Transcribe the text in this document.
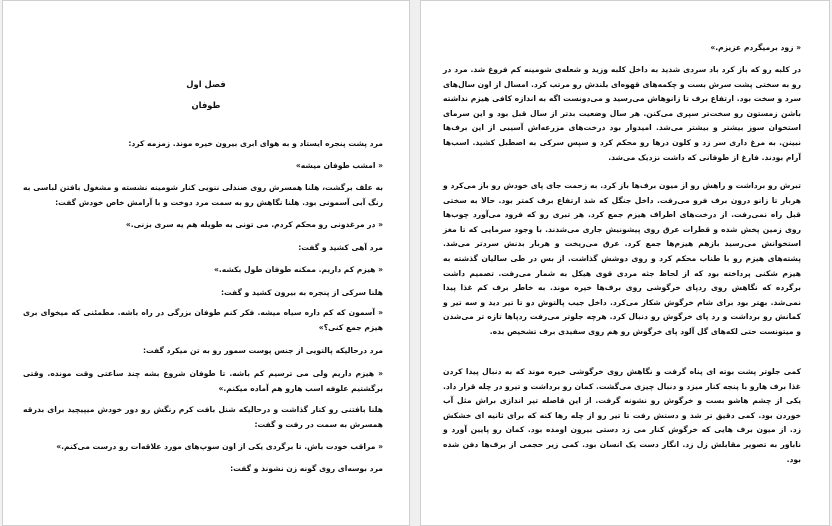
فصل اول
طوفان

مرد پشت پنجره ایستاد و به هوای ابری بیرون خیره موند. زمزمه کرد:

« امشب طوفان میشه»

به علف برگشت، هلنا همسرش روی صندلی ننویی کنار شومینه نشسته و مشغول بافتن لباسی به رنگ آبی آسمونی بود. هلنا نگاهش رو به سمت مرد دوخت و با آرامش خاص خودش گفت:

« در مرغدونی رو محکم کردم. می تونی به طویله هم یه سری بزنی.»

مرد آهی کشید و گفت:

« هیزم کم داریم. ممکنه طوفان طول بکشه.»

هلنا سرکی از پنجره به بیرون کشید و گفت:

« آسمون که کم داره سیاه میشه. فکر کنم طوفان بزرگی در راه باشه. مطمئنی که میخوای بری هیزم جمع کنی؟»

مرد درحالیکه پالتویی از جنس پوست سمور رو به تن میکرد گفت:

« هیزم داریم ولی می ترسیم کم باشه. تا طوفان شروع بشه چند ساعتی وقت مونده. وقتی برگشتیم علوفه اسب هارو هم آماده میکنم.»

هلنا بافتنی رو کنار گذاشت و درحالیکه شنل بافت کرم رنگش رو دور خودش میپیچید برای بدرقه همسرش به سمت در رفت و گفت:

« مراقب خودت باش. تا برگردی یکی از اون سوپ‌های مورد علاقه‌ات رو درست می‌کنم.»

مرد بوسه‌ای روی گونه زن نشوند و گفت:

« زود برمیگردم عزیزم.»

در کلبه رو که باز کرد باد سردی شدید به داخل کلبه وزید و شعله‌ی شومینه کم فروغ شد. مرد در رو به سختی پشت سرش بست و چکمه‌های قهوه‌ای بلندش رو مرتب کرد. امسال از اون سال‌های سرد و سخت بود. ارتفاع برف تا زانوهاش می‌رسید و می‌دونست اگه به اندازه کافی هیزم نداشته باشن زمستون رو سخت‌تر سپری می‌کنن. هر سال وضعیت بدتر از سال قبل بود و این سرمای استخوان سوز بیشتر و بیشتر می‌شد. امیدوار بود درخت‌های مزرعه‌اش آسیبی از این برف‌ها نبینن. به مرغ داری سر زد و کلون درها رو محکم کرد و سپس سرکی به اصطبل کشید. اسب‌ها آرام بودند. فارغ از طوفانی که داشت نزدیک می‌شد.

تبرش رو برداشت و راهش رو از میون برف‌ها باز کرد. به زحمت جای پای خودش رو باز می‌کرد و هربار تا زانو درون برف فرو می‌رفت. داخل جنگل که شد ارتفاع برف کمتر بود. حالا به سختی قبل راه نمی‌رفت. از درخت‌های اطراف هیزم جمع کرد. هر تبری رو که فرود می‌آورد چوب‌ها روی زمین پخش شده و قطرات عرق روی پیشونیش جاری می‌شدند. با وجود سرمایی که تا مغز استخوانش می‌رسید بازهم هیزم‌ها جمع کرد. عرق می‌ریخت و هربار بدنش سردتر می‌شد. پشته‌های هیزم رو با طناب محکم کرد و روی دوشش گذاشت. از بس در طی سالیان گذشته به هیزم شکنی پرداخته بود که از لحاظ جثه مردی قوی هیکل به شمار می‌رفت. تصمیم داشت برگرده که نگاهش روی ردپای خرگوشی روی برف‌ها خیره موند. به خاطر برف کم غذا پیدا نمی‌شد. بهتر بود برای شام خرگوش شکار می‌کرد. داخل جیب پالتوش دو تا تیر دید و سه تیر و کمانش رو برداشت و رد پای خرگوش رو دنبال کرد. هرچه جلوتر می‌رفت ردپاها تازه تر می‌شدن و میتونست حتی لکه‌های گل آلود پای خرگوش رو هم روی سفیدی برف تشخیص بده.

کمی جلوتر پشت بوته ای پناه گرفت و نگاهش روی خرگوشی خیره موند که به دنبال پیدا کردن غذا برف هارو با پنجه کنار میزد و دنبال چیزی می‌گشت. کمان رو برداشت و تیرو در چله قرار داد. یکی از چشم هاشو بست و خرگوش رو نشونه گرفت. از این فاصله تیر اندازی براش مثل آب خوردن بود. کمی دقیق تر شد و دستش رفت تا تیر رو از چله رها کنه که برای ثانیه ای خشکش زد. از میون برف هایی که خرگوش کنار می زد دستی بیرون اومده بود. کمان رو پایین آورد و ناباور به تصویر مقابلش زل زد. انگار دست یک انسان بود. کمی زیر حجمی از برف‌ها دفن شده بود.
